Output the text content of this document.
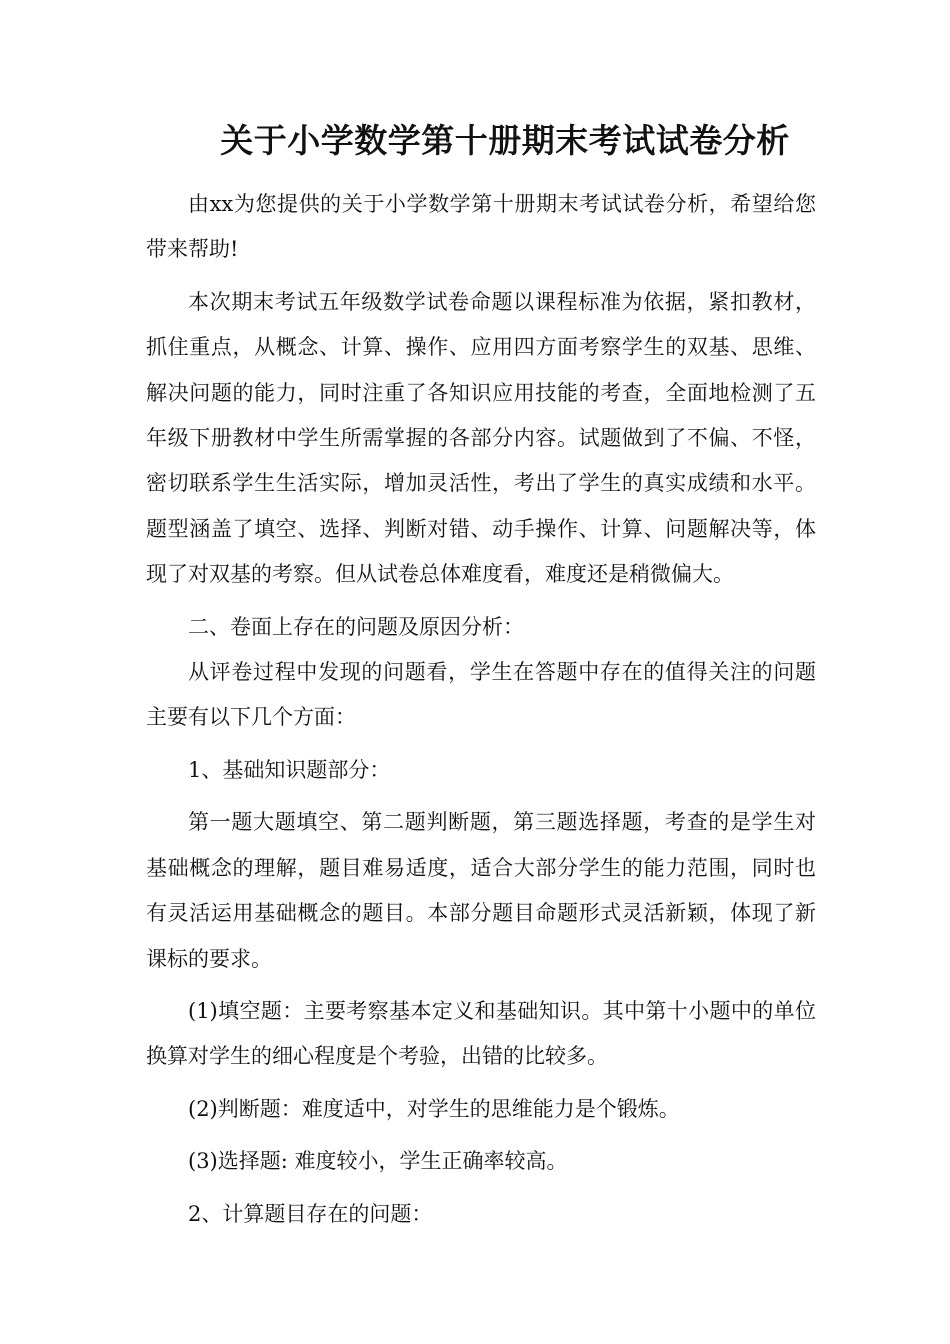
关于小学数学第十册期末考试试卷分析

由xx为您提供的关于小学数学第十册期末考试试卷分析，希望给您带来帮助!

本次期末考试五年级数学试卷命题以课程标准为依据，紧扣教材，抓住重点，从概念、计算、操作、应用四方面考察学生的双基、思维、解决问题的能力，同时注重了各知识应用技能的考查，全面地检测了五年级下册教材中学生所需掌握的各部分内容。试题做到了不偏、不怪，密切联系学生生活实际，增加灵活性，考出了学生的真实成绩和水平。题型涵盖了填空、选择、判断对错、动手操作、计算、问题解决等，体现了对双基的考察。但从试卷总体难度看，难度还是稍微偏大。

二、卷面上存在的问题及原因分析：

从评卷过程中发现的问题看，学生在答题中存在的值得关注的问题主要有以下几个方面：

1、基础知识题部分：

第一题大题填空、第二题判断题，第三题选择题，考查的是学生对基础概念的理解，题目难易适度，适合大部分学生的能力范围，同时也有灵活运用基础概念的题目。本部分题目命题形式灵活新颖，体现了新课标的要求。

(1)填空题：主要考察基本定义和基础知识。其中第十小题中的单位换算对学生的细心程度是个考验，出错的比较多。

(2)判断题：难度适中，对学生的思维能力是个锻炼。

(3)选择题: 难度较小，学生正确率较高。

2、计算题目存在的问题：
